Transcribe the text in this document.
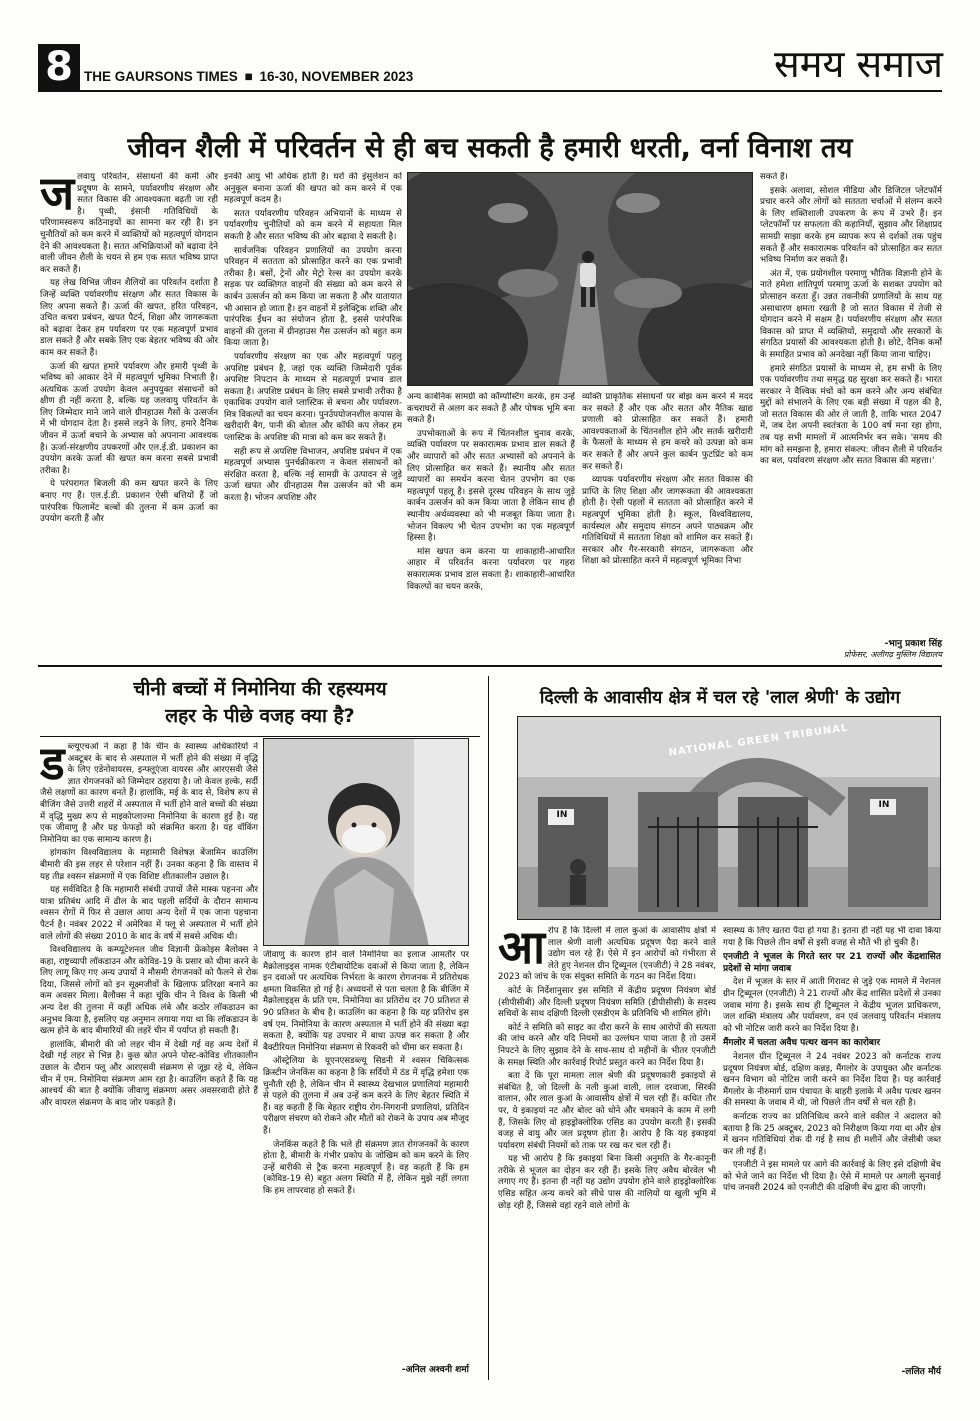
8 THE GAURSONS TIMES ■ 16-30, NOVEMBER 2023	समय समाज
जीवन शैली में परिवर्तन से ही बच सकती है हमारी धरती, वर्ना विनाश तय
ज लवायु परिवर्तन, संसाधनों की कमी और प्रदूषण के सामने, पर्यावरणीय संरक्षण और सतत विकास की आवश्यकता बढ़ती जा रही है। पृथ्वी, इंसानी गतिविधियों के परिणामस्वरूप कठिनाइयों का सामना कर रही है। इन चुनौतियों को कम करने में व्यक्तियों को महत्वपूर्ण योगदान देने की आवश्यकता है। सतत अभिक्रियाओं को बढ़ावा देने वाली जीवन शैली के चयन से हम एक सतत भविष्य प्राप्त कर सकते हैं।

यह लेख विभिन्न जीवन शैलियों का परिवर्तन दर्शाता है जिन्हें व्यक्ति पर्यावरणीय संरक्षण और सतत विकास के लिए अपना सकते हैं। ऊर्जा की खपत, हरित परिवहन, उचित कचरा प्रबंधन, खपत पैटर्न, शिक्षा और जागरूकता को बढ़ावा देकर हम पर्यावरण पर एक महत्वपूर्ण प्रभाव डाल सकते हैं और सबके लिए एक बेहतर भविष्य की ओर काम कर सकते हैं।

ऊर्जा की खपत हमारे पर्यावरण और हमारी पृथ्वी के भविष्य को आकार देने में महत्वपूर्ण भूमिका निभाती है। अत्यधिक ऊर्जा उपयोग केवल अनुपयुक्त संसाधनों को क्षीण ही नहीं करता है, बल्कि यह जलवायु परिवर्तन के लिए जिम्मेदार माने जाने वाले ग्रीनहाउस गैसों के उत्सर्जन में भी योगदान देता है। इससे लड़ने के लिए, हमारे दैनिक जीवन में ऊर्जा बचाने के अभ्यास को अपनाना आवश्यक है। ऊर्जा-संरक्षणीय उपकरणों और एल.ई.डी. प्रकाशन का उपयोग करके ऊर्जा की खपत कम करना सबसे प्रभावी तरीका है।

ये परंपरागत बिजली की कम खपत करने के लिए बनाए गए हैं। एल.ई.डी. प्रकाशन ऐसी बत्तियों हैं जो पारंपरिक फिलामेंट बल्बों की तुलना में कम ऊर्जा का उपयोग करती हैं और

इनकी आयु भी अधिक होती है। घरों की इंसुलेशन को अनुकूल बनाना ऊर्जा की खपत को कम करने में एक महत्वपूर्ण कदम है।

सतत पर्यावरणीय परिवहन अभियानों के माध्यम से पर्यावरणीय चुनौतियों को कम करने में सहायता मिल सकती है और सतत भविष्य की ओर बढ़ावा दे सकती है।

सार्वजनिक परिवहन प्रणालियों का उपयोग करना परिवहन में सततता को प्रोत्साहित करने का एक प्रभावी तरीका है। बसों, ट्रेनों और मेट्रो रेल्स का उपयोग करके सड़क पर व्यक्तिगत वाहनों की संख्या को कम करने से कार्बन उत्सर्जन को कम किया जा सकता है और यातायात भी आसान हो जाता है। इन वाहनों में इलेक्ट्रिक शक्ति और पारंपरिक ईंधन का संयोजन होता है, इससे पारंपरिक वाहनों की तुलना में ग्रीनहाउस गैस उत्सर्जन को बहुत कम किया जाता है।

पर्यावरणीय संरक्षण का एक और महत्वपूर्ण पहलू अपशिष्ट प्रबंधन है, जहां एक व्यक्ति जिम्मेदारी पूर्वक अपशिष्ट निपटान के माध्यम से महत्वपूर्ण प्रभाव डाल सकता है। अपशिष्ट प्रबंधन के लिए सबसे प्रभावी तरीका है एकाधिक उपयोग वाले प्लास्टिक से बचना और पर्यावरण-मित्र विकल्पों का चयन करना। पुनर्उपयोजनशील कपास के खरीदारी बैग, पानी की बोतल और कॉफी कप लेकर हम प्लास्टिक के अपशिष्ट की मात्रा को कम कर सकते हैं।

सही रूप से अपशिष्ट विभाजन, अपशिष्ट प्रबंधन में एक महत्वपूर्ण अभ्यास पुनर्चक्रीकरण न केवल संसाधनों को संरक्षित करता है, बल्कि नई सामग्री के उत्पादन से जुड़े ऊर्जा खपत और ग्रीनहाउस गैस उत्सर्जन को भी कम करता है। भोजन अपशिष्ट और

अन्य कार्बनिक सामग्री को कॉम्पोस्टिंग करके, हम उन्हें कचराघरों से अलग कर सकते हैं और पोषक भूमि बना सकते हैं।

उपभोक्ताओं के रूप में चिंतनशील चुनाव करके, व्यक्ति पर्यावरण पर सकारात्मक प्रभाव डाल सकते हैं और व्यापारों को और सतत अभ्यासों को अपनाने के लिए प्रोत्साहित कर सकते हैं। स्थानीय और सतत व्यापारों का समर्थन करना चेतन उपभोग का एक महत्वपूर्ण पहलू है। इससे दूरस्थ परिवहन के साथ जुड़े कार्बन उत्सर्जन को कम किया जाता है लेकिन साथ ही स्थानीय अर्थव्यवस्था को भी मजबूत किया जाता है। भोजन विकल्प भी चेतन उपभोग का एक महत्वपूर्ण हिस्सा है।

मांस खपत कम करना या शाकाहारी-आधारित आहार में परिवर्तन करना पर्यावरण पर गहरा सकारात्मक प्रभाव डाल सकता है। शाकाहारी-आधारित विकल्पों का चयन करके,

व्यक्ति प्राकृतिक संसाधनों पर बोझ कम करने में मदद कर सकते हैं और एक और सतत और नैतिक खाद्य प्रणाली को प्रोत्साहित कर सकते हैं। हमारी आवश्यकताओं के चिंतनशील होने और सतर्क खरीदारी के फैसलों के माध्यम से हम कचरे को उत्पन्ना को कम कर सकते हैं और अपने कुल कार्बन फुटप्रिंट को कम कर सकते हैं।

व्यापक पर्यावरणीय संरक्षण और सतत विकास की प्राप्ति के लिए शिक्षा और जागरूकता की आवश्यकता होती है। ऐसी पहलों में सततता को प्रोत्साहित करने में महत्वपूर्ण भूमिका होती है। स्कूल, विश्वविद्यालय, कार्यस्थल और समुदाय संगठन अपने पाठ्यक्रम और गतिविधियों में सततता शिक्षा को शामिल कर सकते हैं। सरकार और गैर-सरकारी संगठन, जागरूकता और शिक्षा को प्रोत्साहित करने में महत्वपूर्ण भूमिका निभा

सकते हैं।

इसके अलावा, सोशल मीडिया और डिजिटल प्लेटफॉर्म प्रचार करने और लोगों को सततता चर्चाओं में संलग्न करने के लिए शक्तिशाली उपकरण के रूप में उभरे हैं। इन प्लेटफॉर्मों पर सफलता की कहानियाँ, सुझाव और शिक्षाप्रद सामग्री साझा करके हम व्यापक रूप से दर्शकों तक पहुंच सकते हैं और सकारात्मक परिवर्तन को प्रोत्साहित कर सतत भविष्य निर्माण कर सकते हैं।

अंत में, एक प्रयोगशील परमाणु भौतिक विज्ञानी होने के नाते हमेशा शांतिपूर्ण परमाणु ऊर्जा के सशक्त उपयोग को प्रोत्साहन करता हूँ। उन्नत तकनीकी प्रणालियों के साथ यह असाधारण क्षमता रखती है जो सतत विकास में तेजी से योगदान करने में सक्षम है। पर्यावरणीय संरक्षण और सतत विकास को प्राप्त में व्यक्तियों, समुदायों और सरकारों के संगठित प्रयासों की आवश्यकता होती है। छोटे, दैनिक कर्मों के समाहित प्रभाव को अनदेखा नहीं किया जाना चाहिए।

हमारे संगठित प्रयासों के माध्यम से, हम सभी के लिए एक पर्यावरणीय तथा समृद्ध ग्रह सुरक्षा कर सकते हैं। भारत सरकार ने वैश्विक मंचों को कम करने और अन्य संबंधित मुद्दों को संभालने के लिए एक बड़ी संख्या में पहल की है, जो सतत विकास की ओर ले जाती है, ताकि भारत 2047 में, जब देश अपनी स्वतंत्रता के 100 वर्ष मना रहा होगा, तब यह सभी मामलों में आत्मनिर्भर बन सके। 'समय की मांग को समझना है, हमारा संकल्प: जीवन शैली में परिवर्तन का बल, पर्यावरण संरक्षण और सतत विकास की महत्ता।'

-भानु प्रकाश सिंह
प्रोफेसर, अलीगढ़ मुस्लिम विद्यालय
चीनी बच्चों में निमोनिया की रहस्यमय
लहर के पीछे वजह क्या है?
ड ब्ल्यूएचओ ने कहा है कि चीन के स्वास्थ्य अधिकारियों ने अक्टूबर के बाद से अस्पताल में भर्ती होने की संख्या में वृद्धि के लिए एडेनोवायरस, इन्फ्लूएंजा वायरस और आरएसवी जैसे ज्ञात रोगजनकों को जिम्मेदार ठहराया है। जो केवल हल्के, सर्दी जैसे लक्षणों का कारण बनते हैं। हालांकि, मई के बाद से, विशेष रूप से बीजिंग जैसे उत्तरी शहरों में अस्पताल में भर्ती होने वाले बच्चों की संख्या में वृद्धि मुख्य रूप से माइकोप्लाज्मा निमोनिया के कारण हुई है। यह एक जीवाणु है और यह फेफड़ों को संक्रमित करता है। यह वॉकिंग निमोनिया का एक सामान्य कारण है।

हांगकांग विश्वविद्यालय के महामारी विशेषज्ञ बेंजामिन काउलिंग बीमारी की इस लहर से परेशान नहीं हैं। उनका कहना है कि वास्तव में यह तीव्र श्वसन संक्रमणों में एक विशिष्ट शीतकालीन उछाल है।

यह सर्वविदित है कि महामारी संबंधी उपायों जैसे मास्क पहनना और यात्रा प्रतिबंध आदि में ढील के बाद पहली सर्दियों के दौरान सामान्य श्वसन रोगों में फिर से उछाल आया अन्य देशों में एक जाना पहचाना पैटर्न है। नवंबर 2022 में अमेरिका में फ्लू से अस्पताल में भर्ती होने वाले लोगों की संख्या 2010 के बाद के वर्ष में सबसे अधिक थी।

विश्वविद्यालय के कम्प्यूटेशनल जीव विज्ञानी फ्रेंकोइस बैलोक्स ने कहा, राष्ट्रव्यापी लॉकडाउन और कोविड-19 के प्रसार को धीमा करने के लिए लागू किए गए अन्य उपायों ने मौसमी रोगजनकों को फैलने से रोक दिया, जिससे लोगों को इन सूक्ष्मजीवों के खिलाफ प्रतिरक्षा बनाने का कम अवसर मिला। बैलौक्स ने कहा चूंकि चीन ने विश्व के किसी भी अन्य देश की तुलना में कहीं अधिक लंबे और कठोर लॉकडाउन का अनुभव किया है, इसलिए यह अनुमान लगाया गया था कि लॉकडाउन के खत्म होने के बाद बीमारियों की लहरें चीन में पर्याप्त हो सकती हैं।

हालांकि, बीमारी की जो लहर चीन में देखी गई वह अन्य देशों में देखी गई लहर से भिन्न है। कुछ स्रोत अपने पोस्ट-कोविड शीतकालीन उछाल के दौरान फ्लू और आरएसवी संक्रमण से जूझ रहे थे, लेकिन चीन में एम. निमोनिया संक्रमण आम रहा है। काउलिंग कहते हैं कि यह आश्चर्य की बात है क्योंकि जीवाणु संक्रमण असर अवसरवादी होते हैं और वायरल संक्रमण के बाद जोर पकड़ते हैं।

जीवाणु के कारण होने वाले निमोनिया का इलाज आमतौर पर मैक्रोलाइड्स नामक एंटीबायोटिक दवाओं से किया जाता है, लेकिन इन दवाओं पर अत्यधिक निर्भरता के कारण रोगजनक में प्रतिरोधक क्षमता विकसित हो गई है। अध्ययनों से पता चलता है कि बीजिंग में मैक्रोलाइड्स के प्रति एम. निमोनिया का प्रतिरोध दर 70 प्रतिशत से 90 प्रतिशत के बीच है। काउलिंग का कहना है कि यह प्रतिरोध इस वर्ष एम. निमोनिया के कारण अस्पताल में भर्ती होने की संख्या बढ़ा सकता है, क्योंकि यह उपचार में बाधा उत्पन्न कर सकता है और बैक्टीरियल निमोनिया संक्रमण से रिकवरी को धीमा कर सकता है।

ऑस्ट्रेलिया के यूएनएसडब्ल्यू सिडनी में श्वसन चिकित्सक क्रिस्टीन जेनकिंस का कहना है कि सर्दियों में ठंड में वृद्धि हमेशा एक चुनौती रही है, लेकिन चीन में स्वास्थ्य देखभाल प्रणालियां महामारी से पहले की तुलना में अब उन्हें कम करने के लिए बेहतर स्थिति में हैं। वह कहती हैं कि बेहतर राष्ट्रीय रोग-निगरानी प्रणालियां, प्रतिदिन परीक्षण संचरण को रोकने और मौतों को रोकने के उपाय अब मौजूद हैं।

जेनकिंस कहते हैं कि भले ही संक्रमण ज्ञात रोगजनकों के कारण होता है, बीमारी के गंभीर प्रकोप के जोखिम को कम करने के लिए उन्हें बारीकी से ट्रैक करना महत्वपूर्ण है। वह कहती हैं कि हम (कोविड-19 से) बहुत अलग स्थिति में हैं, लेकिन मुझे नहीं लगता कि हम लापरवाह हो सकते हैं।

-अनिल अश्वनी शर्मा
दिल्ली के आवासीय क्षेत्र में चल रहे 'लाल श्रेणी' के उद्योग
NATIONAL GREEN TRIBUNAL
IN
IN
आ रोप है कि दिल्ली में लाल कुआं के आवासीय क्षेत्रों में लाल श्रेणी वाली अत्यधिक प्रदूषण पैदा करने वाले उद्योग चल रहे हैं। ऐसे में इन आरोपों को गंभीरता से लेते हुए नेशनल ग्रीन ट्रिब्यूनल (एनजीटी) ने 28 नवंबर, 2023 को जांच के एक संयुक्त समिति के गठन का निर्देश दिया।

कोर्ट के निर्देशानुसार इस समिति में केंद्रीय प्रदूषण नियंत्रण बोर्ड (सीपीसीबी) और दिल्ली प्रदूषण नियंत्रण समिति (डीपीसीसी) के सदस्य सचिवों के साथ दक्षिणी दिल्ली एसडीएम के प्रतिनिधि भी शामिल होंगे।

कोर्ट ने समिति को साइट का दौरा करने के साथ आरोपों की सत्यता की जांच करने और यदि नियमों का उल्लंघन पाया जाता है तो उसमें निपटने के लिए सुझाव देने के साथ-साथ दो महीनों के भीतर एनजीटी के समक्ष स्थिति और कार्रवाई रिपोर्ट प्रस्तुत करने का निर्देश दिया है।

बता दें कि पूरा मामला लाल श्रेणी की प्रदूषणकारी इकाइयों से संबंधित है, जो दिल्ली के नली कुआं वाली, लाल दरवाजा, सिरकी वालान, और लाल कुआं के आवासीय क्षेत्रों में चल रही हैं। कथित तौर पर, ये इकाइयां नट और बोल्ट को धोने और चमकाने के काम में लगी हैं, जिसके लिए वो हाइड्रोक्लोरिक एसिड का उपयोग करती हैं। इसकी वजह से वायु और जल प्रदूषण होता है। आरोप है कि यह इकाइयां पर्यावरण संबंधी नियमों को ताक पर रख कर चल रही हैं।

यह भी आरोप है कि इकाइयां बिना किसी अनुमति के गैर-कानूनी तरीके से भूजल का दोहन कर रही हैं। इसके लिए अवैध बोरवेल भी लगाए गए हैं। इतना ही नहीं यह उद्योग उपयोग होने वाले हाइड्रोक्लोरिक एसिड सहित अन्य कचरे को सीधे पास की नालियों या खुली भूमि में छोड़ रही हैं, जिससे वहां रहने वाले लोगों के

स्वास्थ्य के लिए खतरा पैदा हो गया है। इतना ही नहीं यह भी दावा किया गया है कि पिछले तीन वर्षों से इसी वजह से मौतें भी हो चुकी हैं।

एनजीटी ने भूजल के गिरते स्तर पर 21 राज्यों और केंद्रशासित प्रदेशों से मांगा जवाब

देश में भूजल के स्तर में आती गिरावट से जुड़े एक मामले में नेशनल ग्रीन ट्रिब्यूनल (एनजीटी) ने 21 राज्यों और केंद्र शासित प्रदेशों से उनका जवाब मांगा है। इसके साथ ही ट्रिब्यूनल ने केंद्रीय भूजल प्राधिकरण, जल शक्ति मंत्रालय और पर्यावरण, वन एवं जलवायु परिवर्तन मंत्रालय को भी नोटिस जारी करने का निर्देश दिया है।

मैंगलोर में चलता अवैध पत्थर खनन का कारोबार

नेशनल ग्रीन ट्रिब्यूनल ने 24 नवंबर 2023 को कर्नाटक राज्य प्रदूषण नियंत्रण बोर्ड, दक्षिण कन्नड़, मैंगलोर के उपायुक्त और कर्नाटक खनन विभाग को नोटिस जारी करने का निर्देश दिया है। यह कार्रवाई मैंगलोर के नीरुमार्ग ग्राम पंचायत के बाहरी इलाके में अवैध पत्थर खनन की समस्या के जवाब में थी, जो पिछले तीन वर्षों से चल रही है।

कर्नाटक राज्य का प्रतिनिधित्व करने वाले वकील ने अदालत को बताया है कि 25 अक्टूबर, 2023 को निरीक्षण किया गया था और क्षेत्र में खनन गतिविधियां रोक दी गई है साथ ही मशीनें और जेसीबी जब्त कर ली गई हैं।

एनजीटी ने इस मामले पर आगे की कार्रवाई के लिए इसे दक्षिणी बेंच को भेजे जाने का निर्देश भी दिया है। ऐसे में मामले पर अगली सुनवाई पांच जनवरी 2024 को एनजीटी की दक्षिणी बेंच द्वारा की जाएगी।

-ललित मौर्य
